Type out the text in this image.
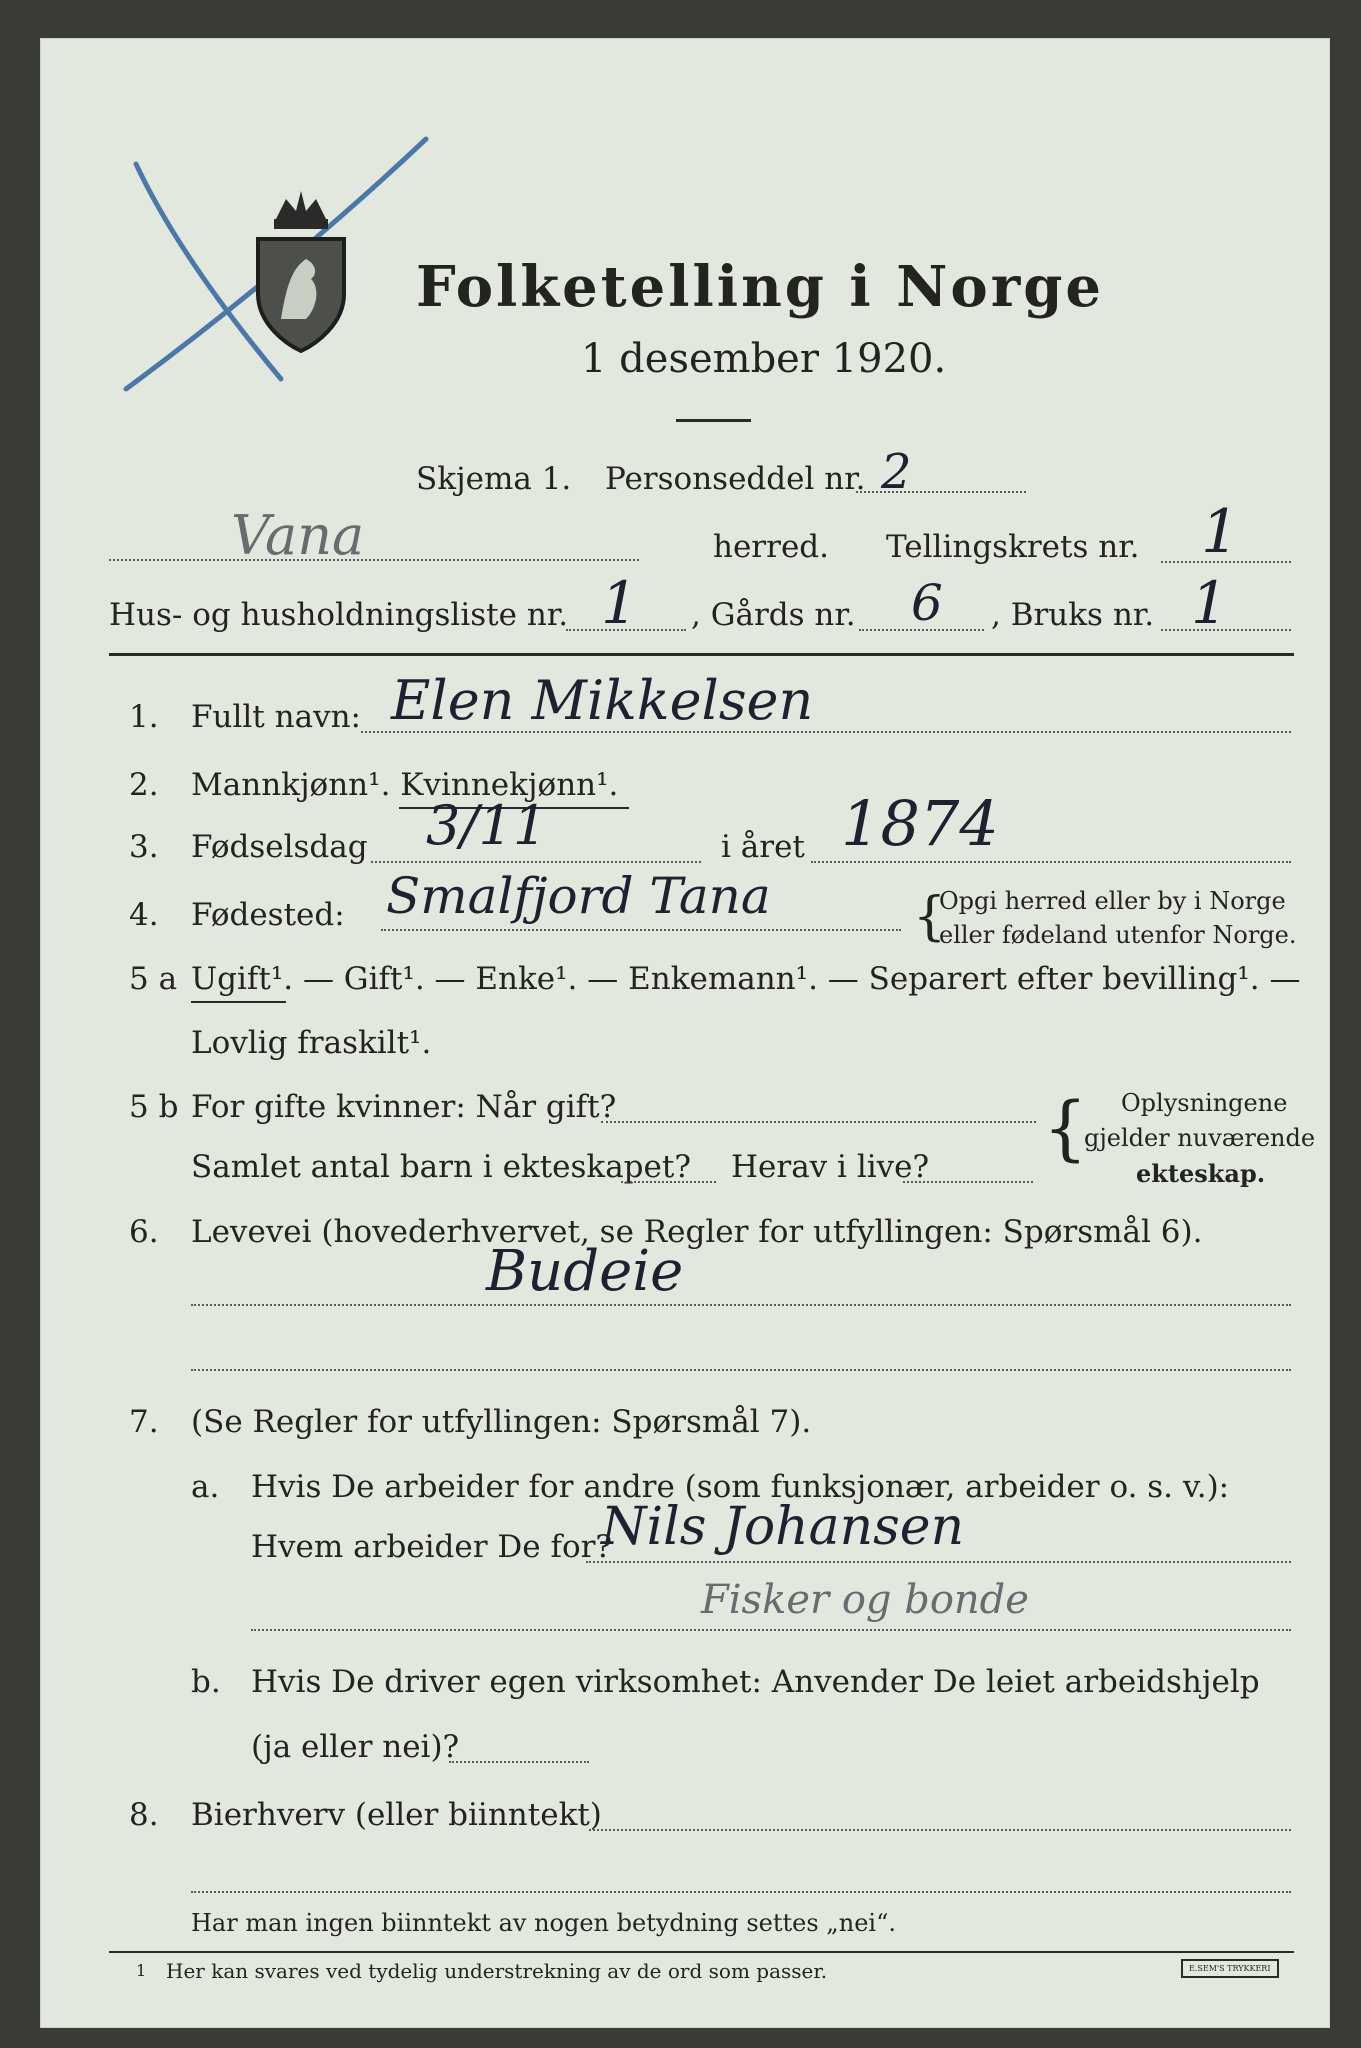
Folketelling i Norge
1 desember 1920.
Skjema 1. Personseddel nr. 2
Vana	herred. Tellingskrets nr. 1
Hus- og husholdningsliste nr. 1 , Gårds nr. 6 , Bruks nr. 1
1. Fullt navn: Elen Mikkelsen
2. Mannkjønn¹. Kvinnekjønn¹.
3. Fødselsdag 3/11	i året 1874
4. Fødested: Smalfjord Tana	{
Opgi herred eller by i Norge
eller fødeland utenfor Norge.
5 a Ugift¹. — Gift¹. — Enke¹. — Enkemann¹. — Separert efter bevilling¹. —
Lovlig fraskilt¹.
5 b For gifte kvinner: Når gift?
Samlet antal barn i ekteskapet? Herav i live? { Oplysningene
gjelder nuværende
ekteskap.
6. Levevei (hovederhvervet, se Regler for utfyllingen: Spørsmål 6).
Budeie
7. (Se Regler for utfyllingen: Spørsmål 7).
a. Hvis De arbeider for andre (som funksjonær, arbeider o. s. v.):
Hvem arbeider De for?
Nils Johansen
Fisker og bonde
b. Hvis De driver egen virksomhet: Anvender De leiet arbeidshjelp
(ja eller nei)?
8. Bierhverv (eller biinntekt)
Har man ingen biinntekt av nogen betydning settes „nei“.
1 Her kan svares ved tydelig understrekning av de ord som passer.	E.SEM'S TRYKKERI
